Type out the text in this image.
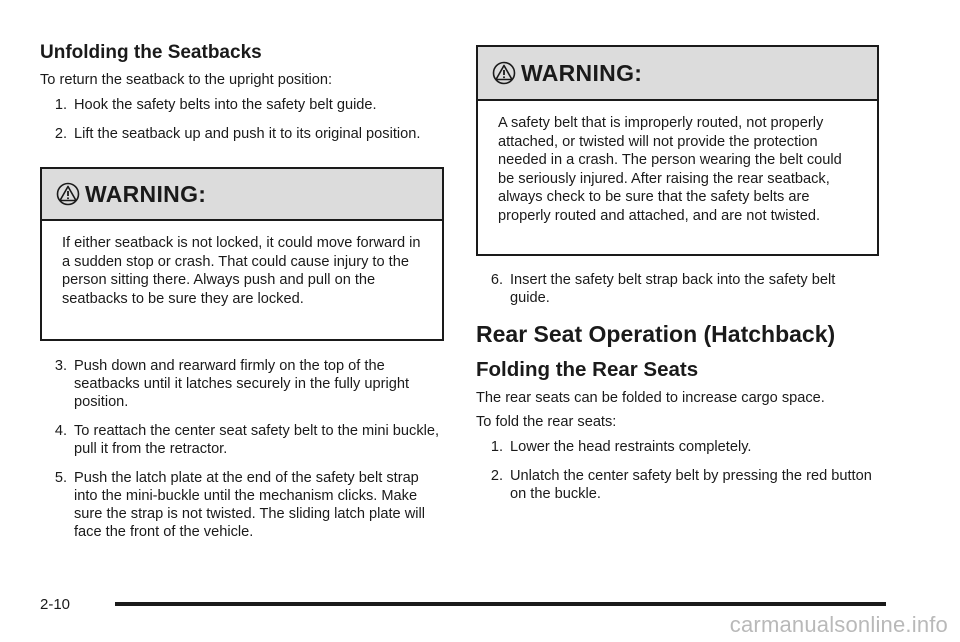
Unfolding the Seatbacks

To return the seatback to the upright position:

1. Hook the safety belts into the safety belt guide.
2. Lift the seatback up and push it to its original position.
WARNING:
If either seatback is not locked, it could move forward in a sudden stop or crash. That could cause injury to the person sitting there. Always push and pull on the seatbacks to be sure they are locked.
3. Push down and rearward firmly on the top of the seatbacks until it latches securely in the fully upright position.
4. To reattach the center seat safety belt to the mini buckle, pull it from the retractor.
5. Push the latch plate at the end of the safety belt strap into the mini-buckle until the mechanism clicks. Make sure the strap is not twisted. The sliding latch plate will face the front of the vehicle.
WARNING:
A safety belt that is improperly routed, not properly attached, or twisted will not provide the protection needed in a crash. The person wearing the belt could be seriously injured. After raising the rear seatback, always check to be sure that the safety belts are properly routed and attached, and are not twisted.
6. Insert the safety belt strap back into the safety belt guide.
Rear Seat Operation (Hatchback)
Folding the Rear Seats

The rear seats can be folded to increase cargo space.

To fold the rear seats:

1. Lower the head restraints completely.
2. Unlatch the center safety belt by pressing the red button on the buckle.
2-10
carmanualsonline.info
